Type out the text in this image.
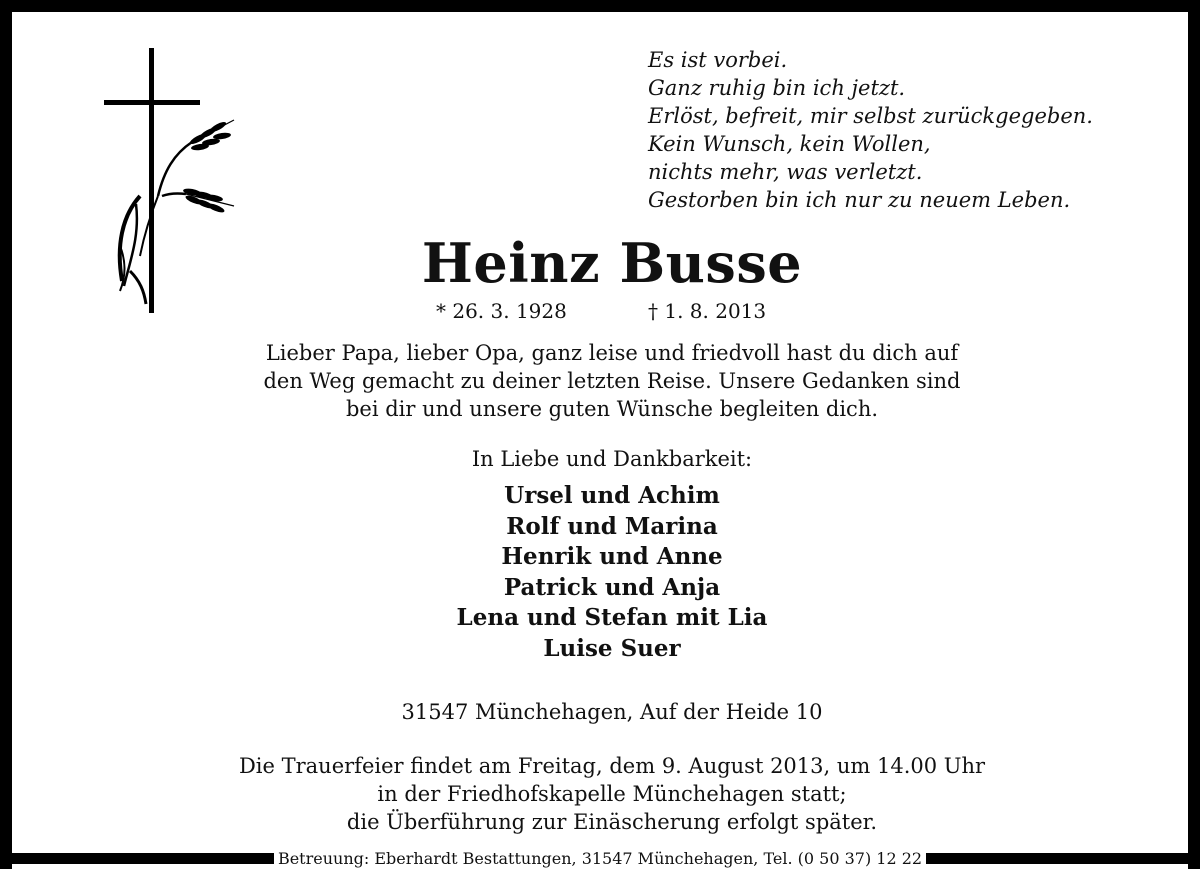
Es ist vorbei.
Ganz ruhig bin ich jetzt.
Erlöst, befreit, mir selbst zurückgegeben.
Kein Wunsch, kein Wollen,
nichts mehr, was verletzt.
Gestorben bin ich nur zu neuem Leben.
Heinz Busse
* 26. 3. 1928	† 1. 8. 2013
Lieber Papa, lieber Opa, ganz leise und friedvoll hast du dich auf
den Weg gemacht zu deiner letzten Reise. Unsere Gedanken sind
bei dir und unsere guten Wünsche begleiten dich.
In Liebe und Dankbarkeit:
Ursel und Achim
Rolf und Marina
Henrik und Anne
Patrick und Anja
Lena und Stefan mit Lia
Luise Suer
31547 Münchehagen, Auf der Heide 10
Die Trauerfeier findet am Freitag, dem 9. August 2013, um 14.00 Uhr
in der Friedhofskapelle Münchehagen statt;
die Überführung zur Einäscherung erfolgt später.
Betreuung: Eberhardt Bestattungen, 31547 Münchehagen, Tel. (0 50 37) 12 22
